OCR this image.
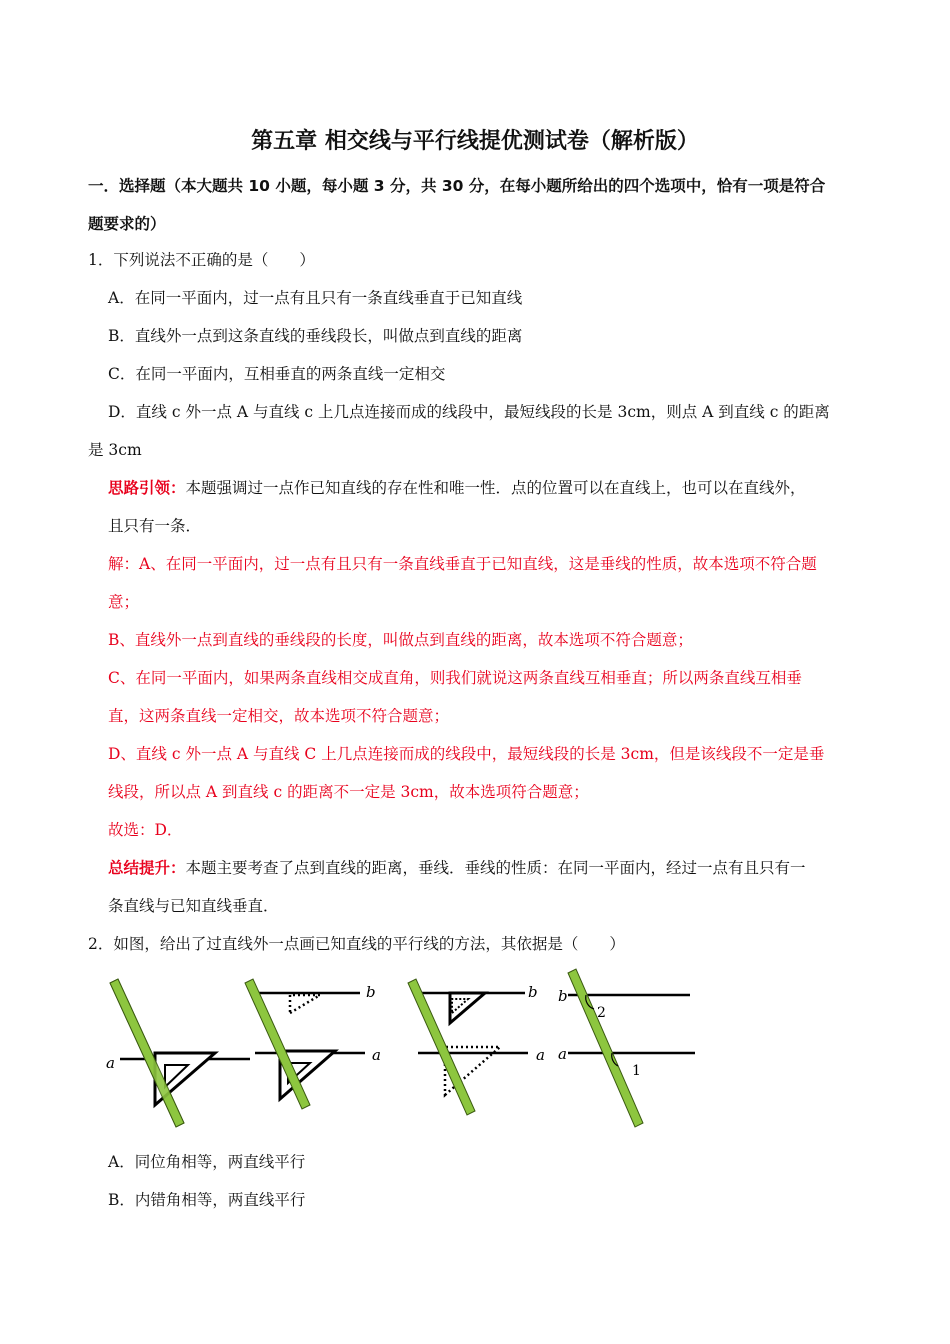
第五章 相交线与平行线提优测试卷（解析版）
一．选择题（本大题共 10 小题，每小题 3 分，共 30 分，在每小题所给出的四个选项中，恰有一项是符合
题要求的）
1．下列说法不正确的是（　　）
A．在同一平面内，过一点有且只有一条直线垂直于已知直线
B．直线外一点到这条直线的垂线段长，叫做点到直线的距离
C．在同一平面内，互相垂直的两条直线一定相交
D．直线 c 外一点 A 与直线 c 上几点连接而成的线段中，最短线段的长是 3cm，则点 A 到直线 c 的距离
是 3cm
思路引领：本题强调过一点作已知直线的存在性和唯一性．点的位置可以在直线上，也可以在直线外，
且只有一条．
解：A、在同一平面内，过一点有且只有一条直线垂直于已知直线，这是垂线的性质，故本选项不符合题
意；
B、直线外一点到直线的垂线段的长度，叫做点到直线的距离，故本选项不符合题意；
C、在同一平面内，如果两条直线相交成直角，则我们就说这两条直线互相垂直；所以两条直线互相垂
直，这两条直线一定相交，故本选项不符合题意；
D、直线 c 外一点 A 与直线 C 上几点连接而成的线段中，最短线段的长是 3cm，但是该线段不一定是垂
线段，所以点 A 到直线 c 的距离不一定是 3cm，故本选项符合题意；
故选：D．
总结提升：本题主要考查了点到直线的距离，垂线．垂线的性质：在同一平面内，经过一点有且只有一
条直线与已知直线垂直．
2．如图，给出了过直线外一点画已知直线的平行线的方法，其依据是（　　）
a
b
a
b
a
b
a
2
1
A．同位角相等，两直线平行
B．内错角相等，两直线平行
